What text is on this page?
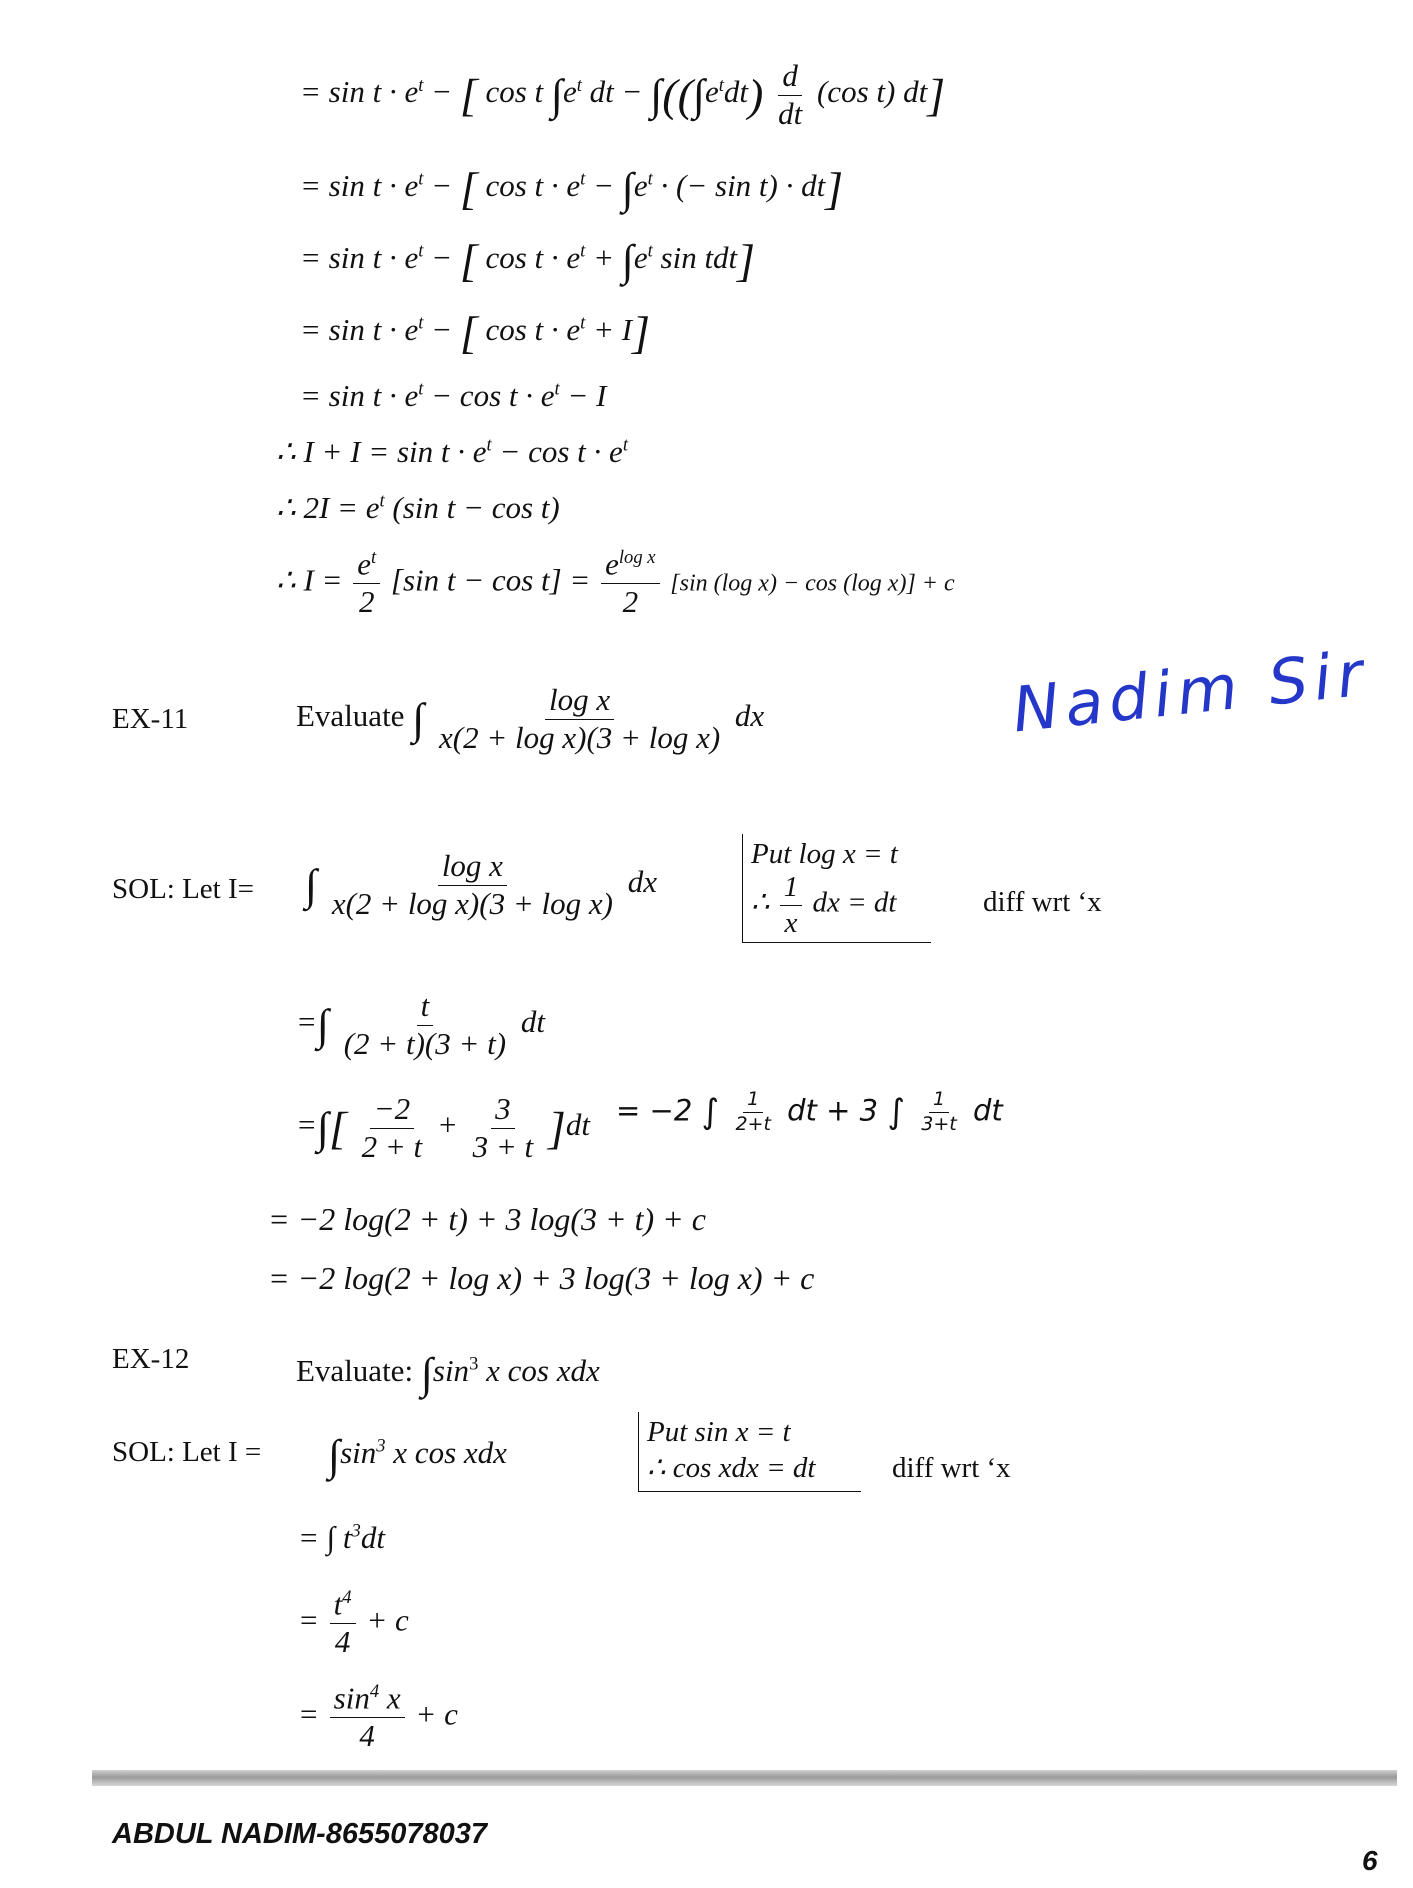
= $\sin t \cdot e^t$ − [ cos t $\int e^t$ dt − $\int((\int e^tdt) \frac{d}{dt} (\cos$ t) dt]
= $\sin t \cdot e^t$ − [ $\cos t \cdot e^t - \int e^t$ · (− sin t) · dt]
= $\sin t \cdot e^t$ − [ $\cos t \cdot e^t + \int e^t$ sin tdt]
= $\sin t \cdot e^t$ − [ $\cos t \cdot e^t + I$]
= $\sin t \cdot e^t - \cos t \cdot e^t - I$
∴ $I + I = \sin t \cdot e^t - \cos t \cdot e^t$
∴ $2I = e^t$ (sin t − cos t)
∴ $I = \frac{e^t}{2} [\sin$ $t - \cos t] = \frac{e^{log x}}{2} [\sin$ (log x) − cos (log x)] + c
EX-11	Evaluate ∫ $\frac{\text{log x}}{\text{x(2 + log x)(3 + log x)}}$ dx	Nadim Sir
SOL: Let I= ∫ $\frac{\text{log x}}{\text{x(2 + log x)(3 + log x)}}$ dx
Put log x = t
∴ $\frac{1}{x}$ dx = dt	diff wrt ‘x
=∫ $\frac{t}{(2 + t)(3 + t)}$ dt
=∫[ $\frac{-2}{2 + t} + \frac{3}{3 + t} ]dt = -2$ ∫ $\frac{1}{2+t}$ dt + 3 ∫ $\frac{1}{3+t}$ dt
= −2 log(2 + t) + 3 log(3 + t) + c
= −2 log(2 + log x) + 3 log(3 + log x) + c
EX-12	Evaluate: $\int\sin^3$ x cos xdx
SOL: Let $I = \int\sin^3$ x cos xdx
Put sin x = t
∴ cos xdx = dt	diff wrt ‘x
= ∫ $t^3dt$
= $\frac{t^4}{4} + c$
= $\frac{\sin^4 x}{4} + c$
ABDUL NADIM-8655078037
6
